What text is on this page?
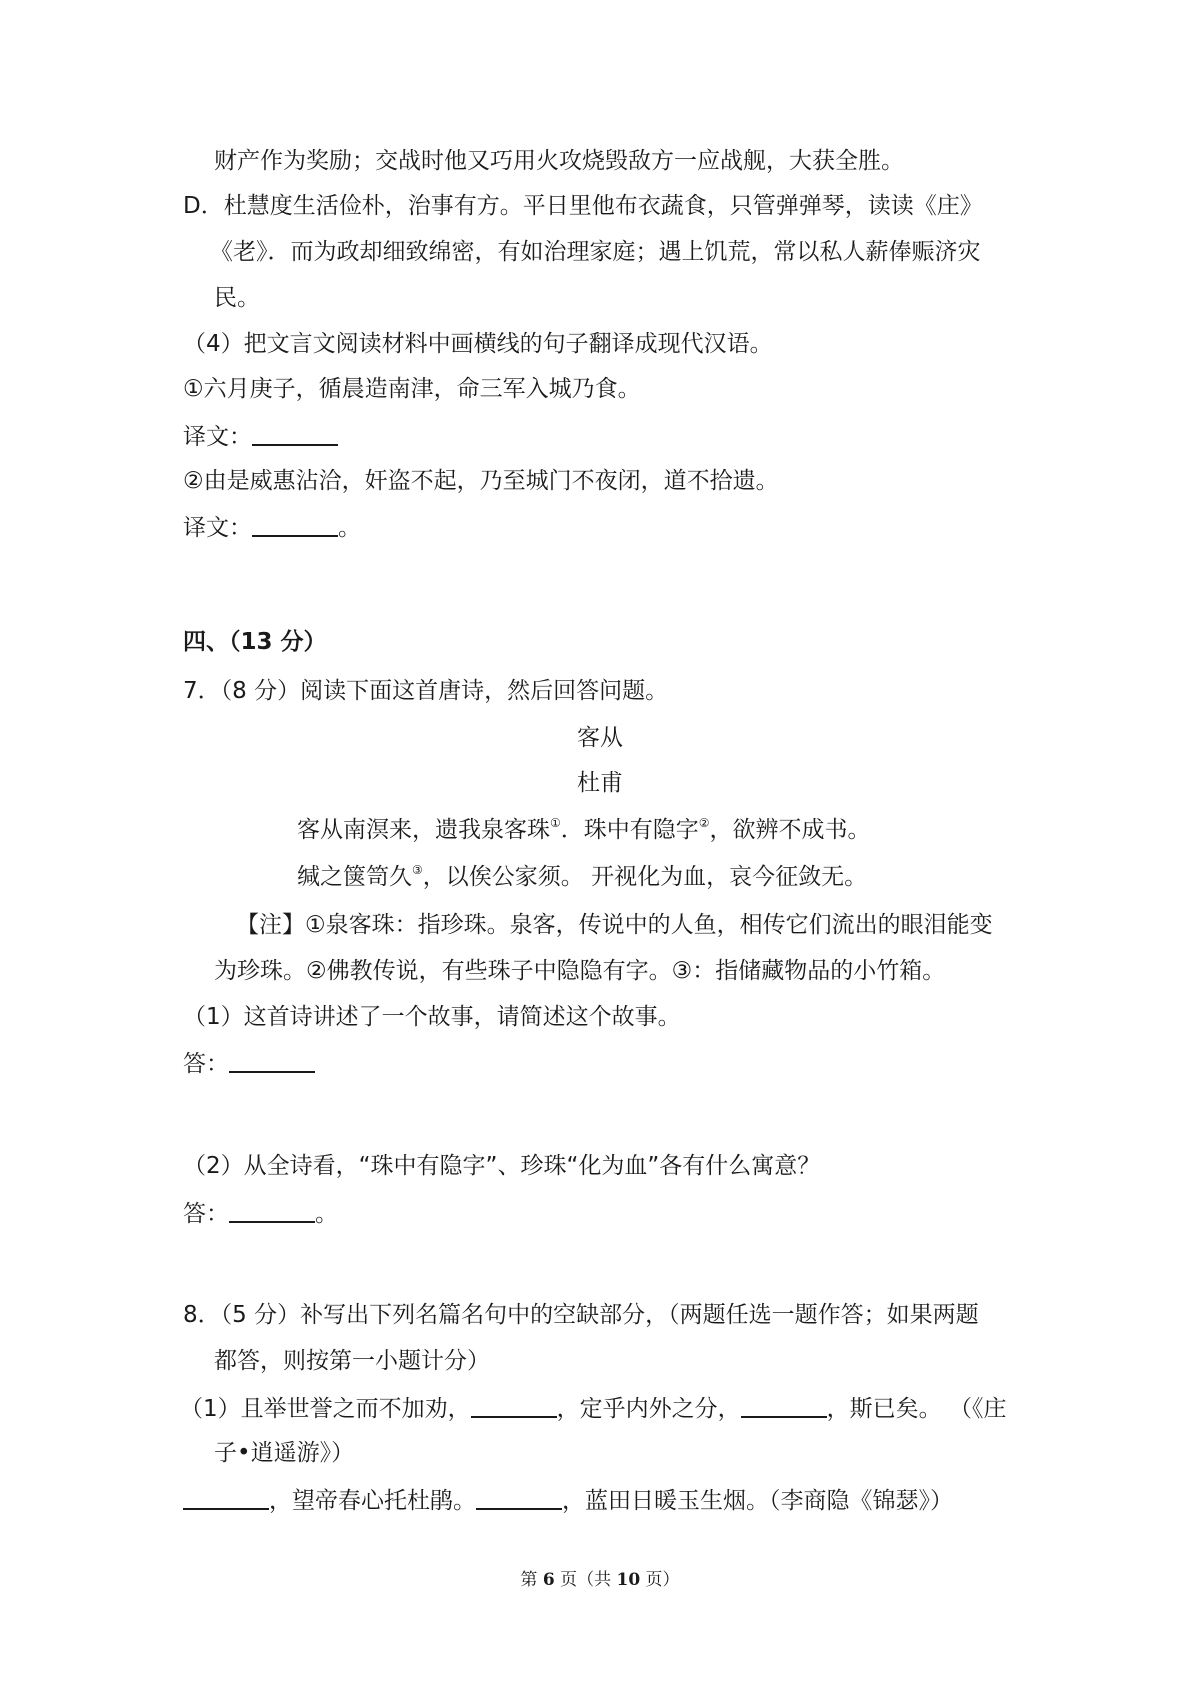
财产作为奖励；交战时他又巧用火攻烧毁敌方一应战舰，大获全胜。
D．杜慧度生活俭朴，治事有方。平日里他布衣蔬食，只管弹弹琴，读读《庄》
《老》．而为政却细致绵密，有如治理家庭；遇上饥荒，常以私人薪俸赈济灾
民。
（4）把文言文阅读材料中画横线的句子翻译成现代汉语。
①六月庚子，循晨造南津，命三军入城乃食。
译文：
②由是威惠沾洽，奸盗不起，乃至城门不夜闭，道不拾遗。
译文：	。
四、（13 分）
7．（8 分）阅读下面这首唐诗，然后回答问题。
客从
杜甫
客从南溟来，遗我泉客珠①．珠中有隐字②，欲辨不成书。
缄之箧笥久③，以俟公家须。 开视化为血，哀今征敛无。
【注】①泉客珠：指珍珠。泉客，传说中的人鱼，相传它们流出的眼泪能变
为珍珠。②佛教传说，有些珠子中隐隐有字。③：指储藏物品的小竹箱。
（1）这首诗讲述了一个故事，请简述这个故事。
答：
（2）从全诗看，“珠中有隐字”、珍珠“化为血”各有什么寓意？
答：	。
8．（5 分）补写出下列名篇名句中的空缺部分，（两题任选一题作答；如果两题
都答，则按第一小题计分）
（1）且举世誉之而不加劝，	，定乎内外之分，	，斯已矣。 （《庄
子•逍遥游》）
，望帝春心托杜鹃。	，蓝田日暖玉生烟。（李商隐《锦瑟》）
第 6 页（共 10 页）
